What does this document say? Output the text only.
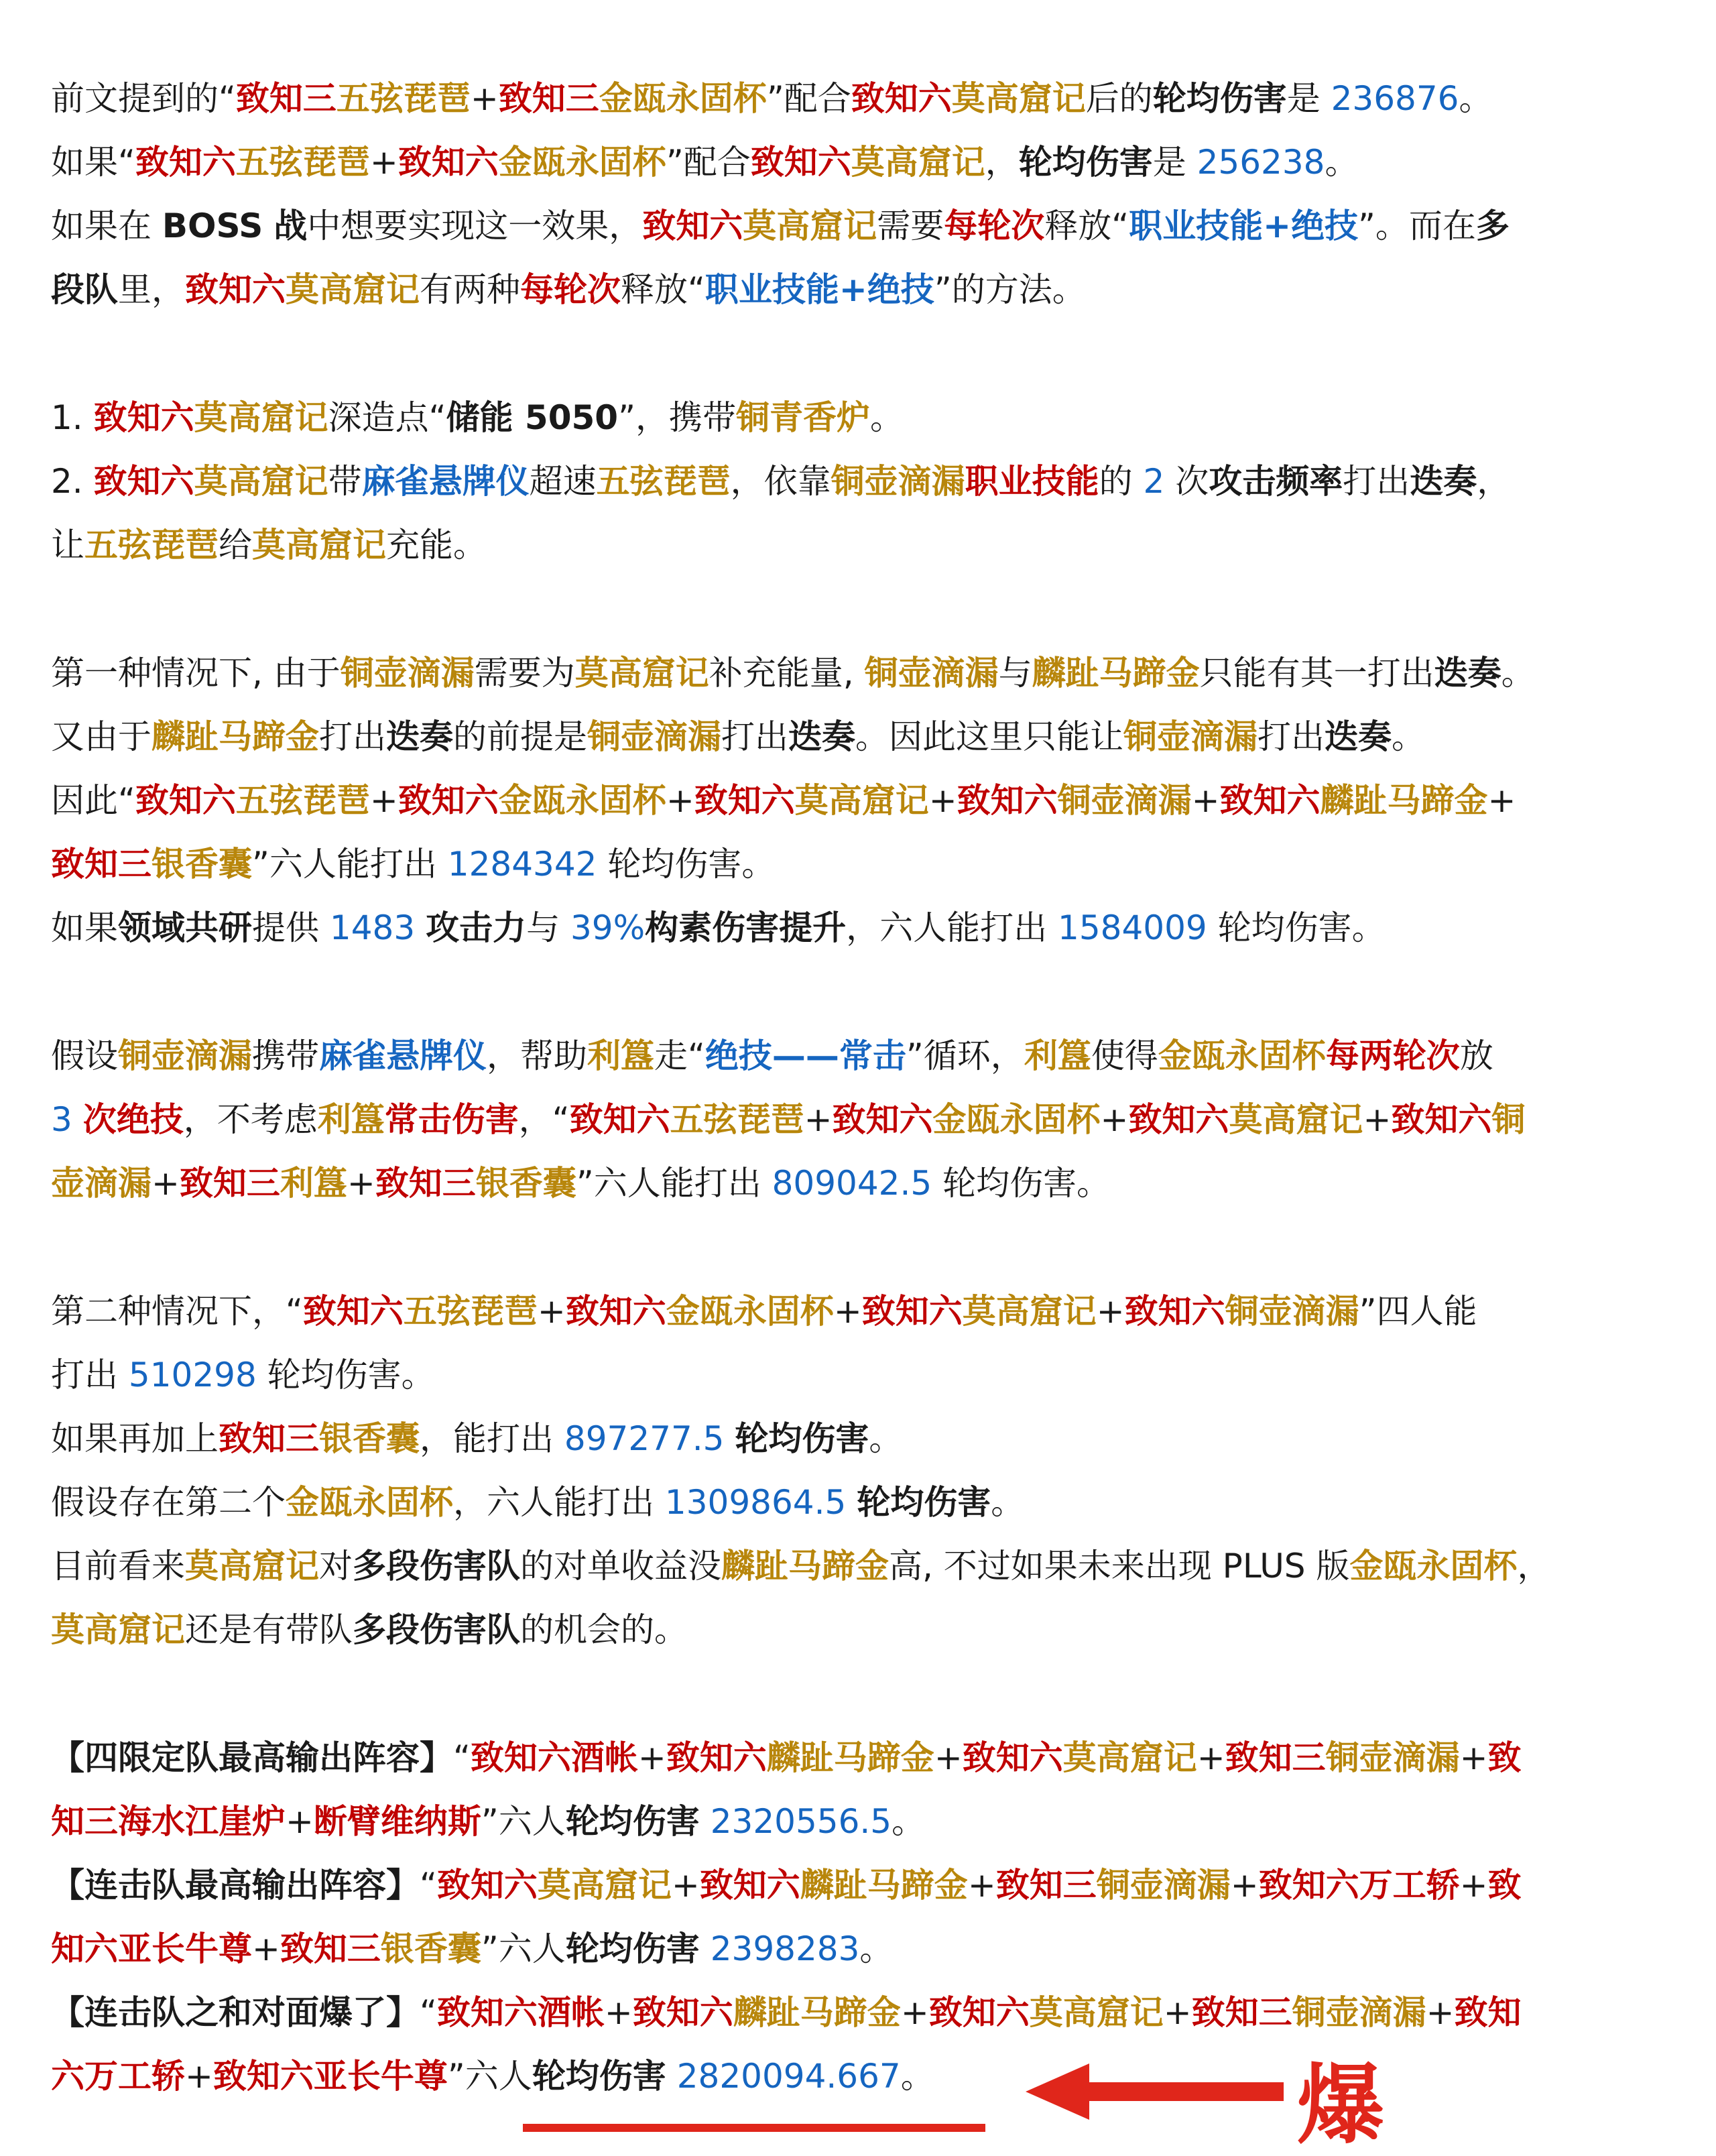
前文提到的“致知三五弦琵琶+致知三金瓯永固杯”配合致知六莫高窟记后的轮均伤害是 236876。
如果“致知六五弦琵琶+致知六金瓯永固杯”配合致知六莫高窟记，轮均伤害是 256238。
如果在 BOSS 战中想要实现这一效果，致知六莫高窟记需要每轮次释放“职业技能+绝技”。而在多
段队里，致知六莫高窟记有两种每轮次释放“职业技能+绝技”的方法。
1. 致知六莫高窟记深造点“储能 5050”，携带铜青香炉。
2. 致知六莫高窟记带麻雀悬牌仪超速五弦琵琶，依靠铜壶滴漏职业技能的 2 次攻击频率打出迭奏，
让五弦琵琶给莫高窟记充能。
第一种情况下, 由于铜壶滴漏需要为莫高窟记补充能量, 铜壶滴漏与麟趾马蹄金只能有其一打出迭奏。
又由于麟趾马蹄金打出迭奏的前提是铜壶滴漏打出迭奏。因此这里只能让铜壶滴漏打出迭奏。
因此“致知六五弦琵琶+致知六金瓯永固杯+致知六莫高窟记+致知六铜壶滴漏+致知六麟趾马蹄金+
致知三银香囊”六人能打出 1284342 轮均伤害。
如果领域共研提供 1483 攻击力与 39%构素伤害提升，六人能打出 1584009 轮均伤害。
假设铜壶滴漏携带麻雀悬牌仪，帮助利簋走“绝技——常击”循环，利簋使得金瓯永固杯每两轮次放
3 次绝技，不考虑利簋常击伤害，“致知六五弦琵琶+致知六金瓯永固杯+致知六莫高窟记+致知六铜
壶滴漏+致知三利簋+致知三银香囊”六人能打出 809042.5 轮均伤害。
第二种情况下，“致知六五弦琵琶+致知六金瓯永固杯+致知六莫高窟记+致知六铜壶滴漏”四人能
打出 510298 轮均伤害。
如果再加上致知三银香囊，能打出 897277.5 轮均伤害。
假设存在第二个金瓯永固杯，六人能打出 1309864.5 轮均伤害。
目前看来莫高窟记对多段伤害队的对单收益没麟趾马蹄金高, 不过如果未来出现 PLUS 版金瓯永固杯，
莫高窟记还是有带队多段伤害队的机会的。
【四限定队最高输出阵容】“致知六酒帐+致知六麟趾马蹄金+致知六莫高窟记+致知三铜壶滴漏+致
知三海水江崖炉+断臂维纳斯”六人轮均伤害 2320556.5。
【连击队最高输出阵容】“致知六莫高窟记+致知六麟趾马蹄金+致知三铜壶滴漏+致知六万工轿+致
知六亚长牛尊+致知三银香囊”六人轮均伤害 2398283。
【连击队之和对面爆了】“致知六酒帐+致知六麟趾马蹄金+致知六莫高窟记+致知三铜壶滴漏+致知
六万工轿+致知六亚长牛尊”六人轮均伤害 2820094.667。	爆
